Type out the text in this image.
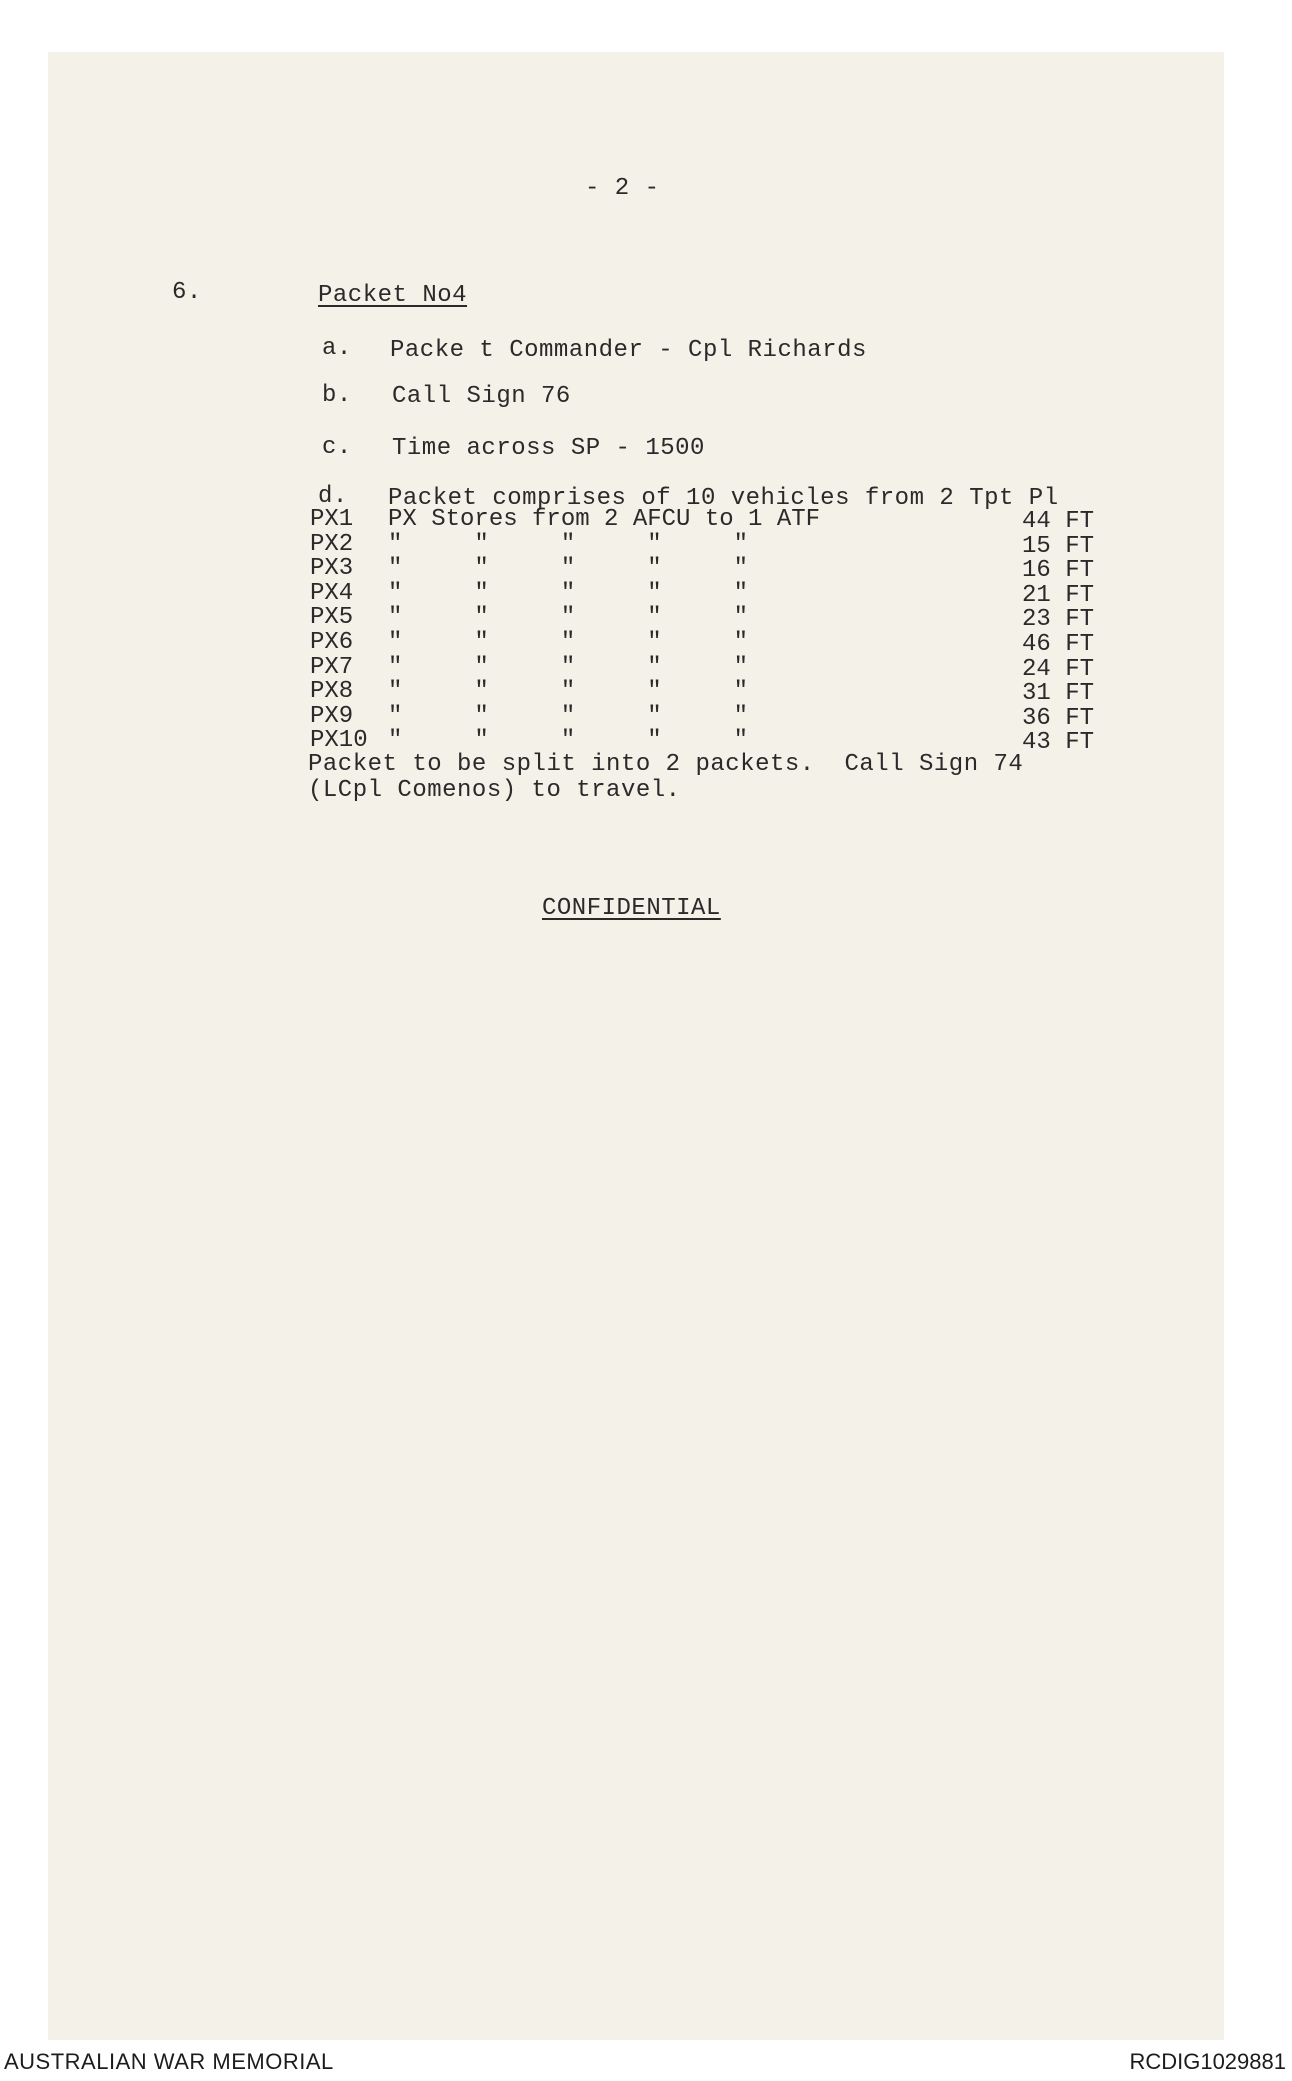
- 2 -
6.	Packet No4
a. Packe t Commander - Cpl Richards
b. Call Sign 76
c. Time across SP - 1500
d. Packet comprises of 10 vehicles from 2 Tpt Pl
PX1 PX Stores from 2 AFCU to 1 ATF	44 FT
PX2 "     "     "     "     "	15 FT
PX3 "     "     "     "     "	16 FT
PX4 "     "     "     "     "	21 FT
PX5 "     "     "     "     "	23 FT
PX6 "     "     "     "     "	46 FT
PX7 "     "     "     "     "	24 FT
PX8 "     "     "     "     "	31 FT
PX9 "     "     "     "     "	36 FT
PX10 "     "     "     "     "	43 FT
Packet to be split into 2 packets.  Call Sign 74
(LCpl Comenos) to travel.
CONFIDENTIAL
AUSTRALIAN WAR MEMORIAL	RCDIG1029881
